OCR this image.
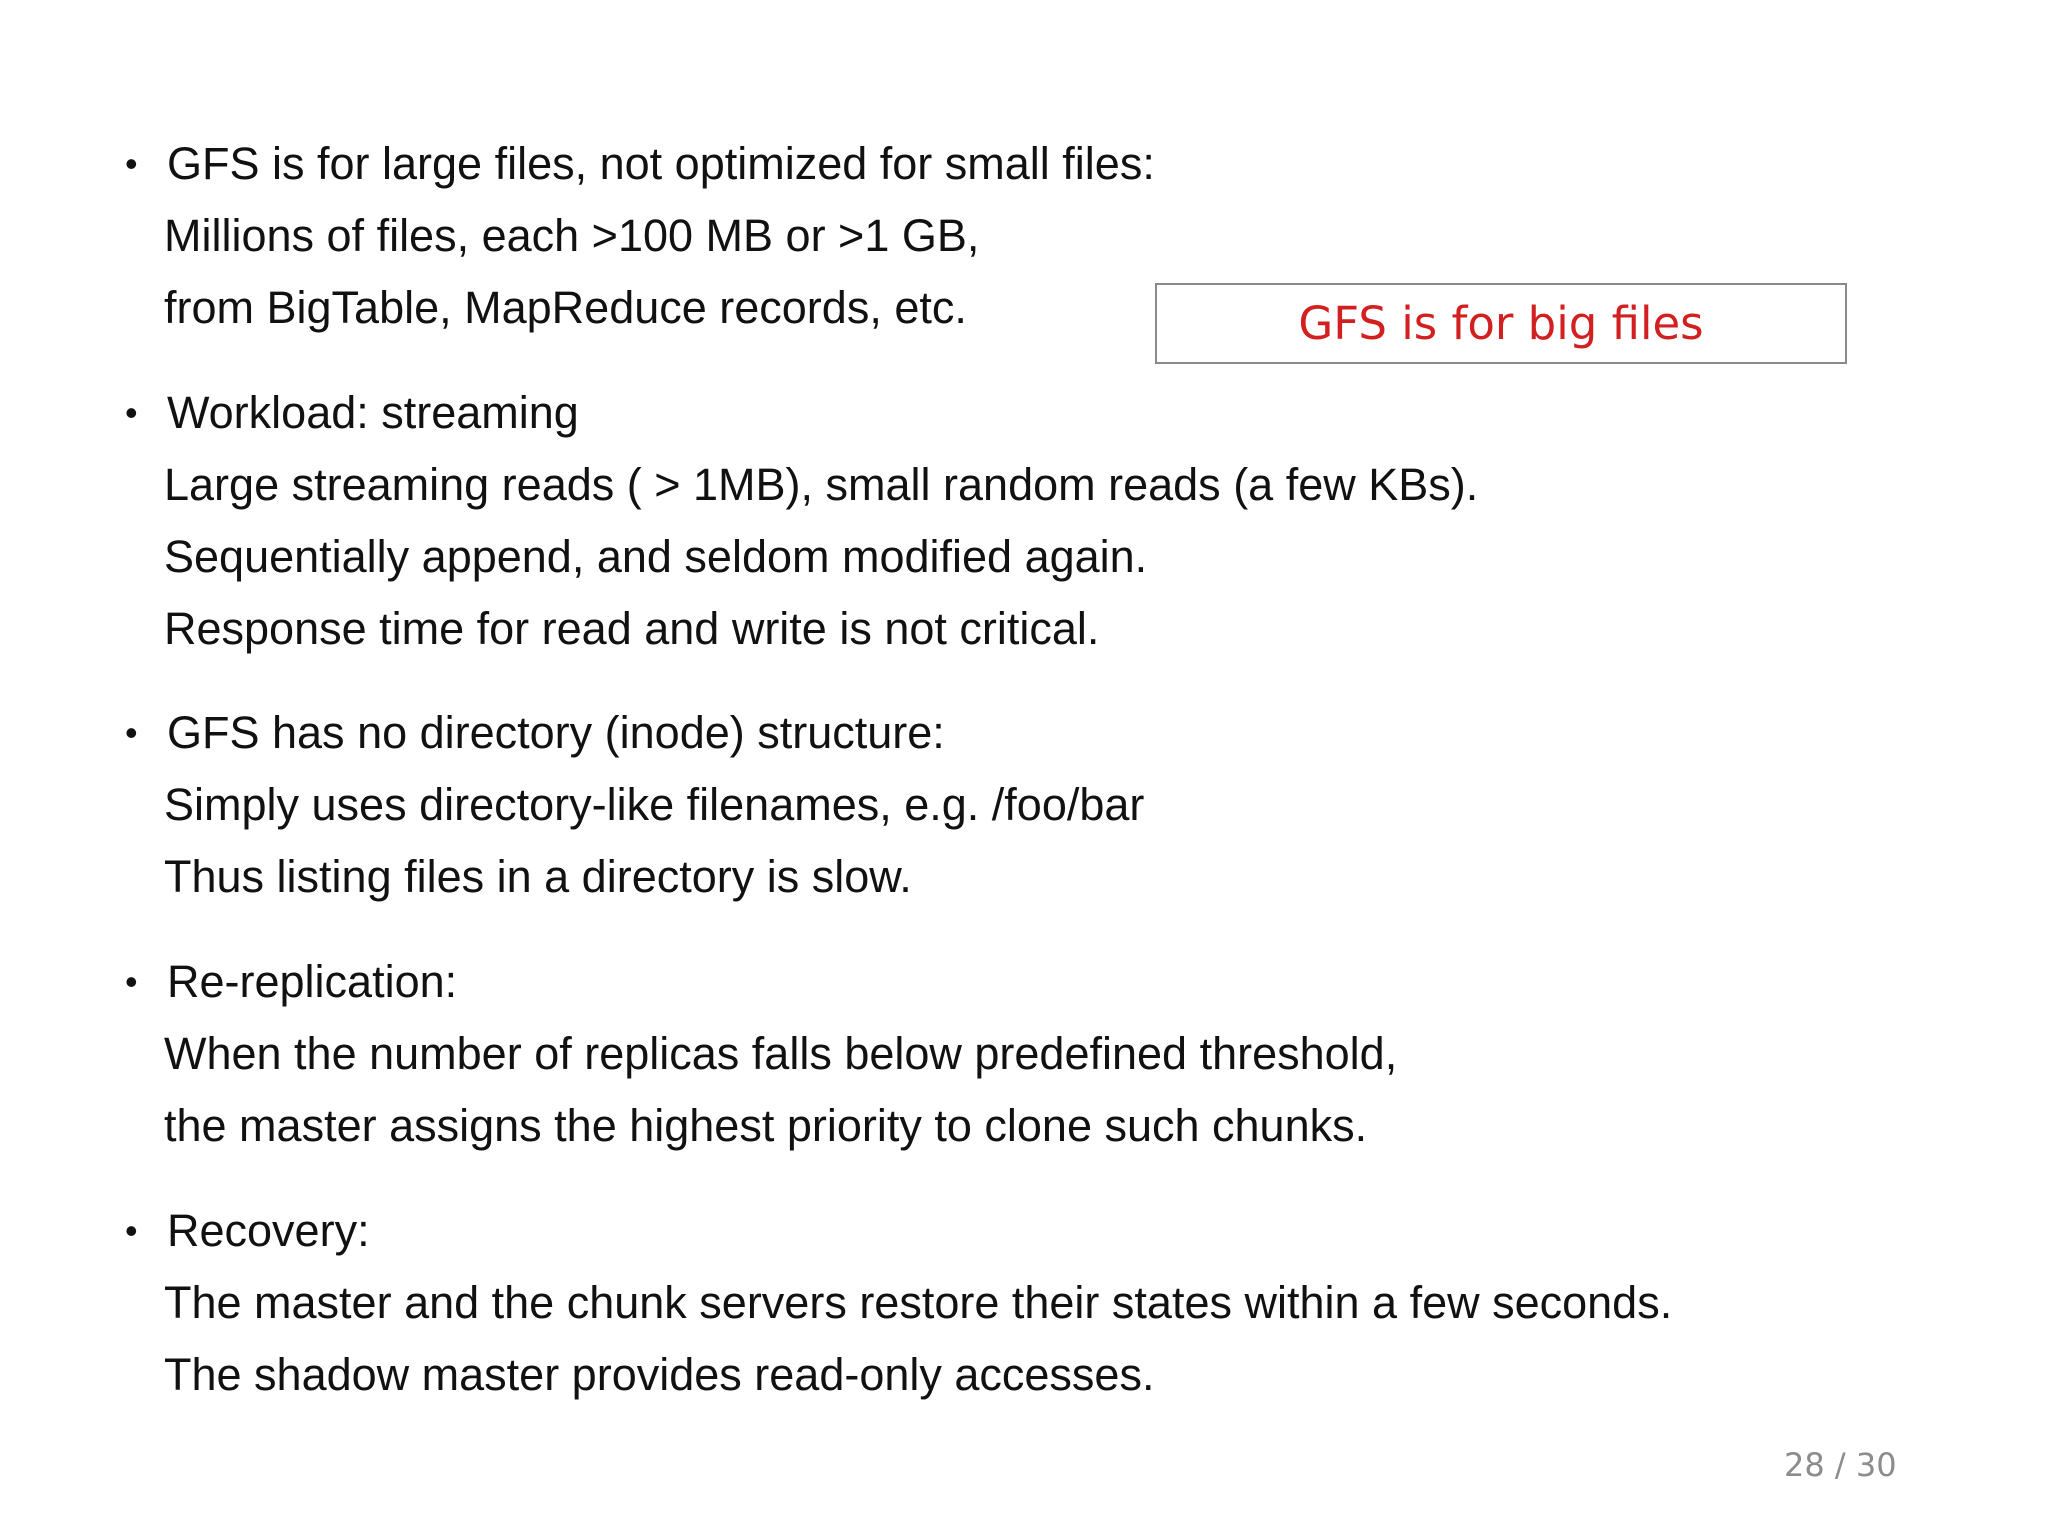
• GFS is for large files, not optimized for small files:
Millions of files, each >100 MB or >1 GB,
from BigTable, MapReduce records, etc.
• Workload: streaming
Large streaming reads ( > 1MB), small random reads (a few KBs).
Sequentially append, and seldom modified again.
Response time for read and write is not critical.
• GFS has no directory (inode) structure:
Simply uses directory-like filenames, e.g. /foo/bar
Thus listing files in a directory is slow.
• Re-replication:
When the number of replicas falls below predefined threshold,
the master assigns the highest priority to clone such chunks.
• Recovery:
The master and the chunk servers restore their states within a few seconds.
The shadow master provides read-only accesses.
GFS is for big files
28 / 30
